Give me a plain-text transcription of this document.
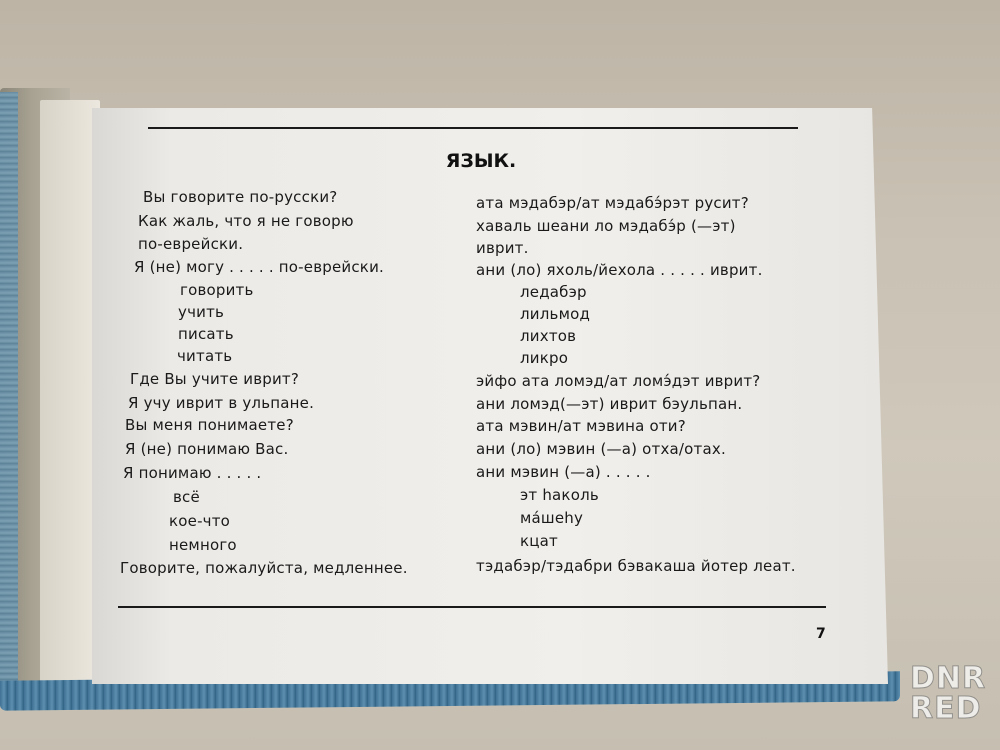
ЯЗЫК.
Вы говорите по-русски?
Как жаль, что я не говорю
по-еврейски.
Я (не) могу . . . . . по-еврейски.
говорить
учить
писать
читать
Где Вы учите иврит?
Я учу иврит в ульпане.
Вы меня понимаете?
Я (не) понимаю Вас.
Я понимаю . . . . .
всё
кое-что
немного
Говорите, пожалуйста, медленнее.
ата мэдабэр/ат мэдабэ́рэт русит?
хаваль шеани ло мэдабэ́р (—эт)
иврит.
ани (ло) яхоль/йехола . . . . . иврит.
ледабэр
лильмод
лихтов
ликро
эйфо ата ломэд/ат ломэ́дэт иврит?
ани ломэд(—эт) иврит бэульпан.
ата мэвин/ат мэвина оти?
ани (ло) мэвин (—а) отха/отах.
ани мэвин (—а) . . . . .
эт hаколь
ма́шеhу
кцат
тэдабэр/тэдабри бэвакаша йотер леат.
7
DNR
RED
